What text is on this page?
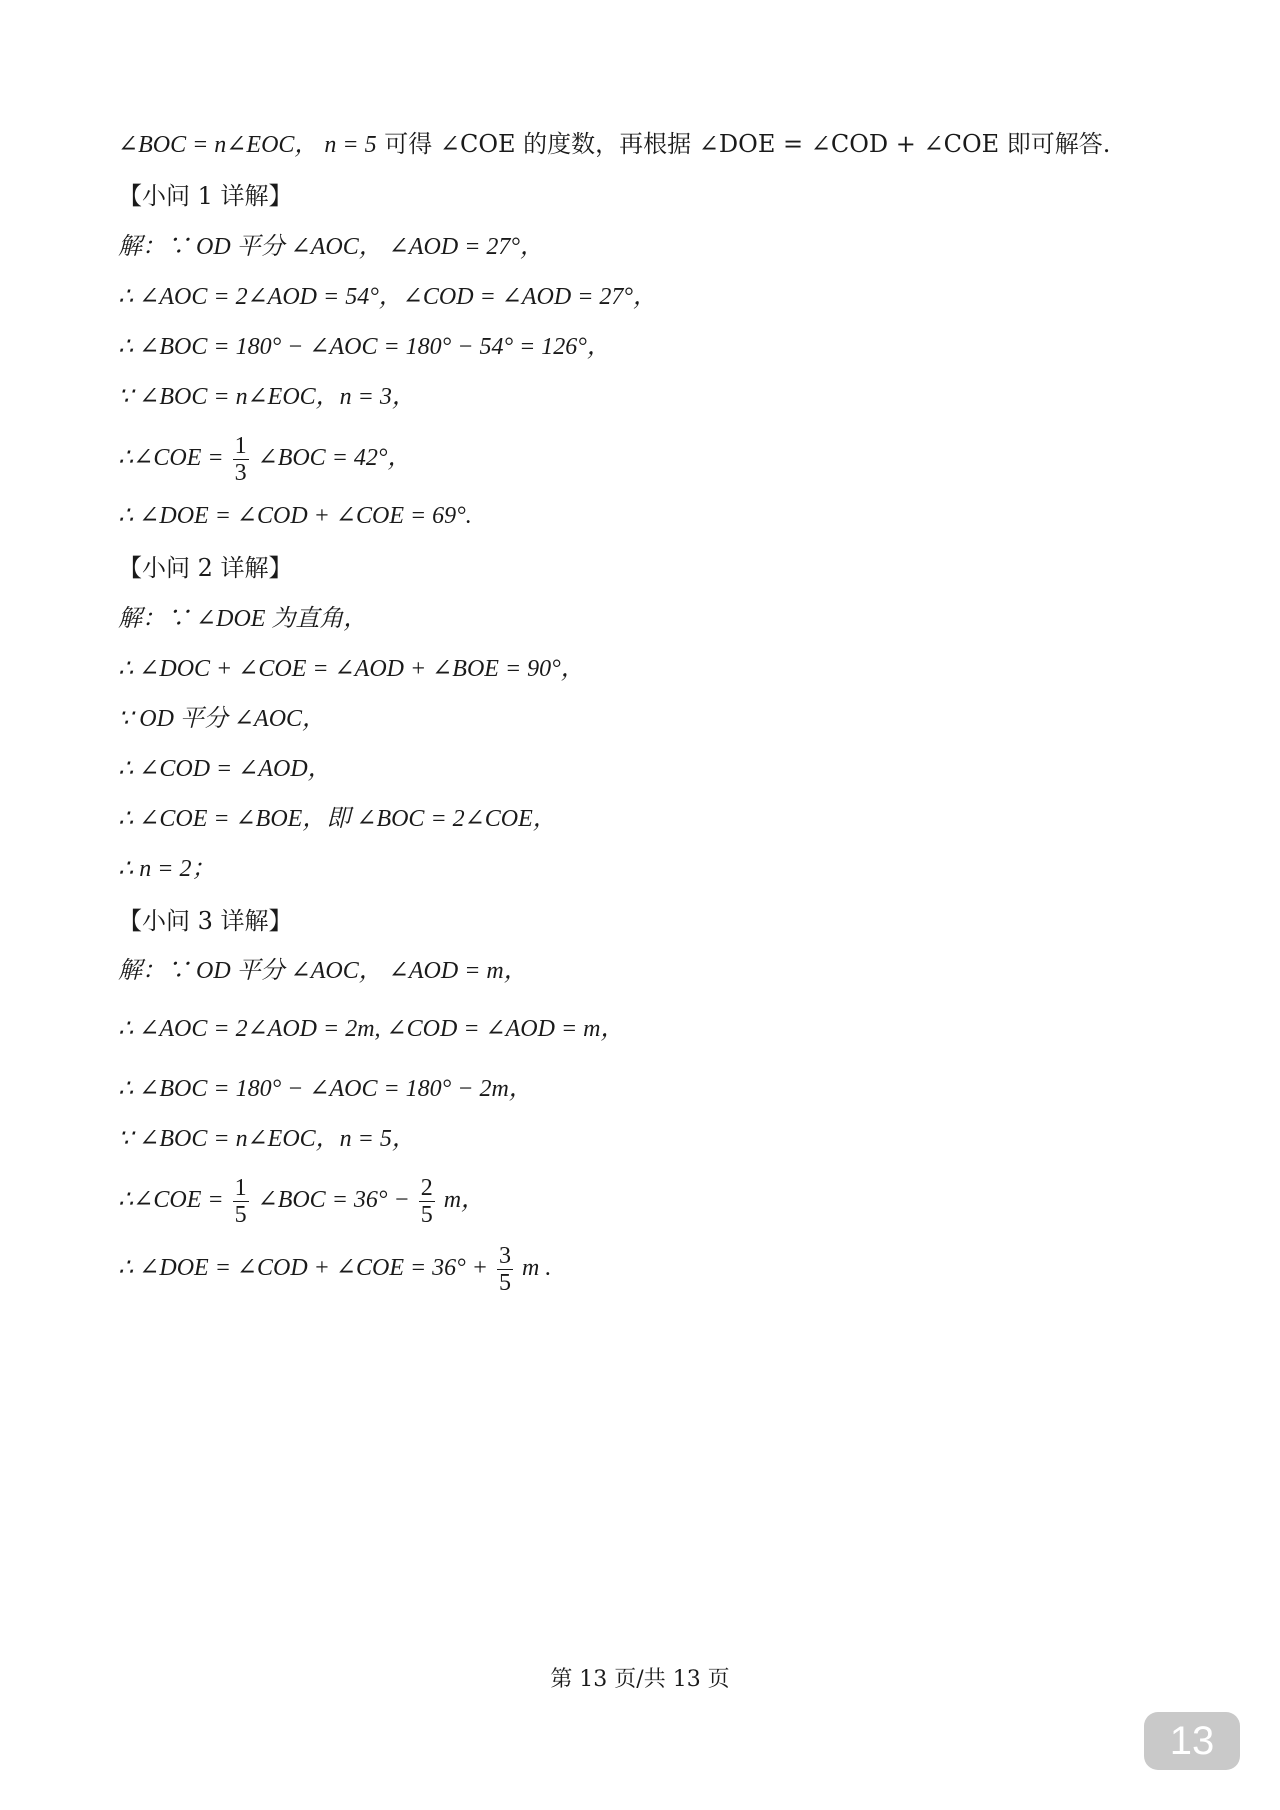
∠BOC = n∠EOC， n = 5 可得 ∠COE 的度数，再根据 ∠DOE = ∠COD + ∠COE 即可解答.
【小问 1 详解】
解：∵ OD 平分 ∠AOC， ∠AOD = 27°，
∴ ∠AOC = 2∠AOD = 54°，∠COD = ∠AOD = 27°，
∴ ∠BOC = 180° − ∠AOC = 180° − 54° = 126°，
∵ ∠BOC = n∠EOC，n = 3，
∴∠COE = $\frac{1}{3}$ ∠BOC = 42°，
∴ ∠DOE = ∠COD + ∠COE = 69°.
【小问 2 详解】
解：∵ ∠DOE 为直角，
∴ ∠DOC + ∠COE = ∠AOD + ∠BOE = 90°，
∵ OD 平分 ∠AOC，
∴ ∠COD = ∠AOD，
∴ ∠COE = ∠BOE，即 ∠BOC = 2∠COE，
∴ n = 2；
【小问 3 详解】
解：∵ OD 平分 ∠AOC， ∠AOD = m，
∴ ∠AOC = 2∠AOD = 2m, ∠COD = ∠AOD = m，
∴ ∠BOC = 180° − ∠AOC = 180° − 2m，
∵ ∠BOC = n∠EOC，n = 5，
∴∠COE = $\frac{1}{5}$ ∠BOC = $36^\circ - \frac{2}{5}$ m，
∴ ∠DOE = ∠COD + ∠COE = $36^\circ + \frac{3}{5}$ m .
第 13 页/共 13 页
13
